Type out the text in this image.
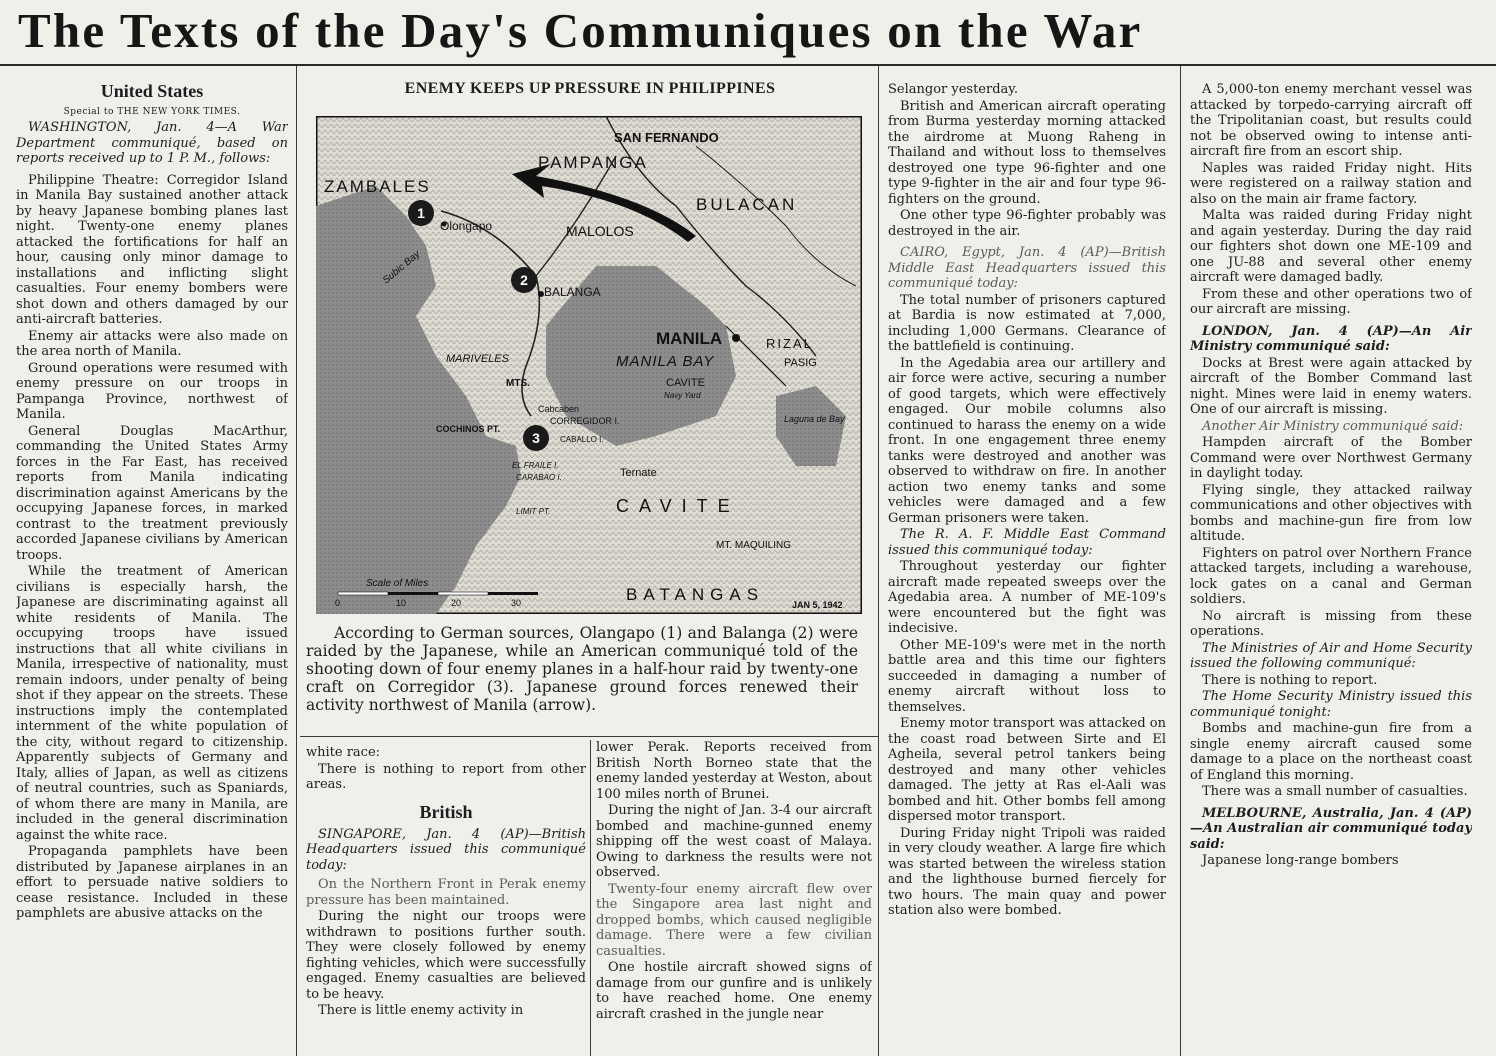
The Texts of the Day's Communiques on the War
United States
Special to THE NEW YORK TIMES.

WASHINGTON, Jan. 4—A War Department communiqué, based on reports received up to 1 P. M., follows:

Philippine Theatre: Corregidor Island in Manila Bay sustained another attack by heavy Japanese bombing planes last night. Twenty-one enemy planes attacked the fortifications for half an hour, causing only minor damage to installations and inflicting slight casualties. Four enemy bombers were shot down and others damaged by our anti-aircraft batteries.

Enemy air attacks were also made on the area north of Manila.

Ground operations were resumed with enemy pressure on our troops in Pampanga Province, northwest of Manila.

General Douglas MacArthur, commanding the United States Army forces in the Far East, has received reports from Manila indicating discrimination against Americans by the occupying Japanese forces, in marked contrast to the treatment previously accorded Japanese civilians by American troops.

While the treatment of American civilians is especially harsh, the Japanese are discriminating against all white residents of Manila. The occupying troops have issued instructions that all white civilians in Manila, irrespective of nationality, must remain indoors, under penalty of being shot if they appear on the streets. These instructions imply the contemplated internment of the white population of the city, without regard to citizenship. Apparently subjects of Germany and Italy, allies of Japan, as well as citizens of neutral countries, such as Spaniards, of whom there are many in Manila, are included in the general discrimination against the white race.

Propaganda pamphlets have been distributed by Japanese airplanes in an effort to persuade native soldiers to cease resistance. Included in these pamphlets are abusive attacks on the

ENEMY KEEPS UP PRESSURE IN PHILIPPINES
1
2
3
SAN FERNANDO
PAMPANGA
ZAMBALES
BULACAN
Olongapo	MALOLOS
Subic Bay
BALANGA
MANILA
MANILA BAY
RIZAL
PASIG
MARIVELES
CAVITE
Navy Yard
MTS.
Cabcaben
CORREGIDOR I.
CABALLO I.
COCHINOS PT.
EL FRAILE I.
CARABAO I.
LIMIT PT.
Laguna de Bay
Ternate
CAVITE
BATANGAS
MT. MAQUILING
Scale of Miles
JAN 5, 1942
0	10	20	30

According to German sources, Olangapo (1) and Balanga (2) were raided by the Japanese, while an American communiqué told of the shooting down of four enemy planes in a half-hour raid by twenty-one craft on Corregidor (3). Japanese ground forces renewed their activity northwest of Manila (arrow).

white race:

There is nothing to report from other areas.

British

SINGAPORE, Jan. 4 (AP)—British Headquarters issued this communiqué today:

On the Northern Front in Perak enemy pressure has been maintained.

During the night our troops were withdrawn to positions further south. They were closely followed by enemy fighting vehicles, which were successfully engaged. Enemy casualties are believed to be heavy.

There is little enemy activity in

lower Perak. Reports received from British North Borneo state that the enemy landed yesterday at Weston, about 100 miles north of Brunei.

During the night of Jan. 3-4 our aircraft bombed and machine-gunned enemy shipping off the west coast of Malaya. Owing to darkness the results were not observed.

Twenty-four enemy aircraft flew over the Singapore area last night and dropped bombs, which caused negligible damage. There were a few civilian casualties.

One hostile aircraft showed signs of damage from our gunfire and is unlikely to have reached home. One enemy aircraft crashed in the jungle near

Selangor yesterday.

British and American aircraft operating from Burma yesterday morning attacked the airdrome at Muong Raheng in Thailand and without loss to themselves destroyed one type 96-fighter and one type 9-fighter in the air and four type 96-fighters on the ground.

One other type 96-fighter probably was destroyed in the air.

CAIRO, Egypt, Jan. 4 (AP)—British Middle East Headquarters issued this communiqué today:

The total number of prisoners captured at Bardia is now estimated at 7,000, including 1,000 Germans. Clearance of the battlefield is continuing.

In the Agedabia area our artillery and air force were active, securing a number of good targets, which were effectively engaged. Our mobile columns also continued to harass the enemy on a wide front. In one engagement three enemy tanks were destroyed and another was observed to withdraw on fire. In another action two enemy tanks and some vehicles were damaged and a few German prisoners were taken.

The R. A. F. Middle East Command issued this communiqué today:

Throughout yesterday our fighter aircraft made repeated sweeps over the Agedabia area. A number of ME-109's were encountered but the fight was indecisive.

Other ME-109's were met in the north battle area and this time our fighters succeeded in damaging a number of enemy aircraft without loss to themselves.

Enemy motor transport was attacked on the coast road between Sirte and El Agheila, several petrol tankers being destroyed and many other vehicles damaged. The jetty at Ras el-Aali was bombed and hit. Other bombs fell among dispersed motor transport.

During Friday night Tripoli was raided in very cloudy weather. A large fire which was started between the wireless station and the lighthouse burned fiercely for two hours. The main quay and power station also were bombed.

A 5,000-ton enemy merchant vessel was attacked by torpedo-carrying aircraft off the Tripolitanian coast, but results could not be observed owing to intense anti-aircraft fire from an escort ship.

Naples was raided Friday night. Hits were registered on a railway station and also on the main air frame factory.

Malta was raided during Friday night and again yesterday. During the day raid our fighters shot down one ME-109 and one JU-88 and several other enemy aircraft were damaged badly.

From these and other operations two of our aircraft are missing.

LONDON, Jan. 4 (AP)—An Air Ministry communiqué said:

Docks at Brest were again attacked by aircraft of the Bomber Command last night. Mines were laid in enemy waters. One of our aircraft is missing.

Another Air Ministry communiqué said:

Hampden aircraft of the Bomber Command were over Northwest Germany in daylight today.

Flying single, they attacked railway communications and other objectives with bombs and machine-gun fire from low altitude.

Fighters on patrol over Northern France attacked targets, including a warehouse, lock gates on a canal and German soldiers.

No aircraft is missing from these operations.

The Ministries of Air and Home Security issued the following communiqué:

There is nothing to report.

The Home Security Ministry issued this communiqué tonight:

Bombs and machine-gun fire from a single enemy aircraft caused some damage to a place on the northeast coast of England this morning.

There was a small number of casualties.

MELBOURNE, Australia, Jan. 4 (AP)—An Australian air communiqué today said:

Japanese long-range bombers
